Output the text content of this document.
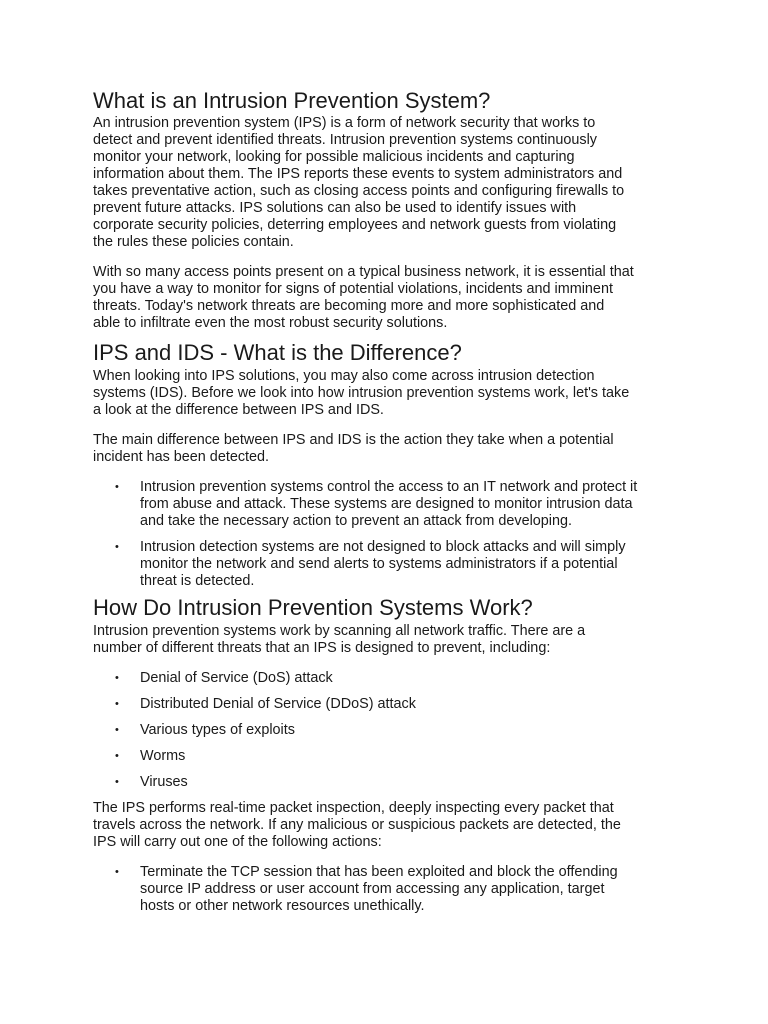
What is an Intrusion Prevention System?

An intrusion prevention system (IPS) is a form of network security that works to
detect and prevent identified threats. Intrusion prevention systems continuously
monitor your network, looking for possible malicious incidents and capturing
information about them. The IPS reports these events to system administrators and
takes preventative action, such as closing access points and configuring firewalls to
prevent future attacks. IPS solutions can also be used to identify issues with
corporate security policies, deterring employees and network guests from violating
the rules these policies contain.

With so many access points present on a typical business network, it is essential that
you have a way to monitor for signs of potential violations, incidents and imminent
threats. Today's network threats are becoming more and more sophisticated and
able to infiltrate even the most robust security solutions.

IPS and IDS - What is the Difference?

When looking into IPS solutions, you may also come across intrusion detection
systems (IDS). Before we look into how intrusion prevention systems work, let's take
a look at the difference between IPS and IDS.

The main difference between IPS and IDS is the action they take when a potential
incident has been detected.

• Intrusion prevention systems control the access to an IT network and protect it
from abuse and attack. These systems are designed to monitor intrusion data
and take the necessary action to prevent an attack from developing.
• Intrusion detection systems are not designed to block attacks and will simply
monitor the network and send alerts to systems administrators if a potential
threat is detected.
How Do Intrusion Prevention Systems Work?

Intrusion prevention systems work by scanning all network traffic. There are a
number of different threats that an IPS is designed to prevent, including:

• Denial of Service (DoS) attack
• Distributed Denial of Service (DDoS) attack
• Various types of exploits
• Worms
• Viruses

The IPS performs real-time packet inspection, deeply inspecting every packet that
travels across the network. If any malicious or suspicious packets are detected, the
IPS will carry out one of the following actions:

• Terminate the TCP session that has been exploited and block the offending
source IP address or user account from accessing any application, target
hosts or other network resources unethically.
